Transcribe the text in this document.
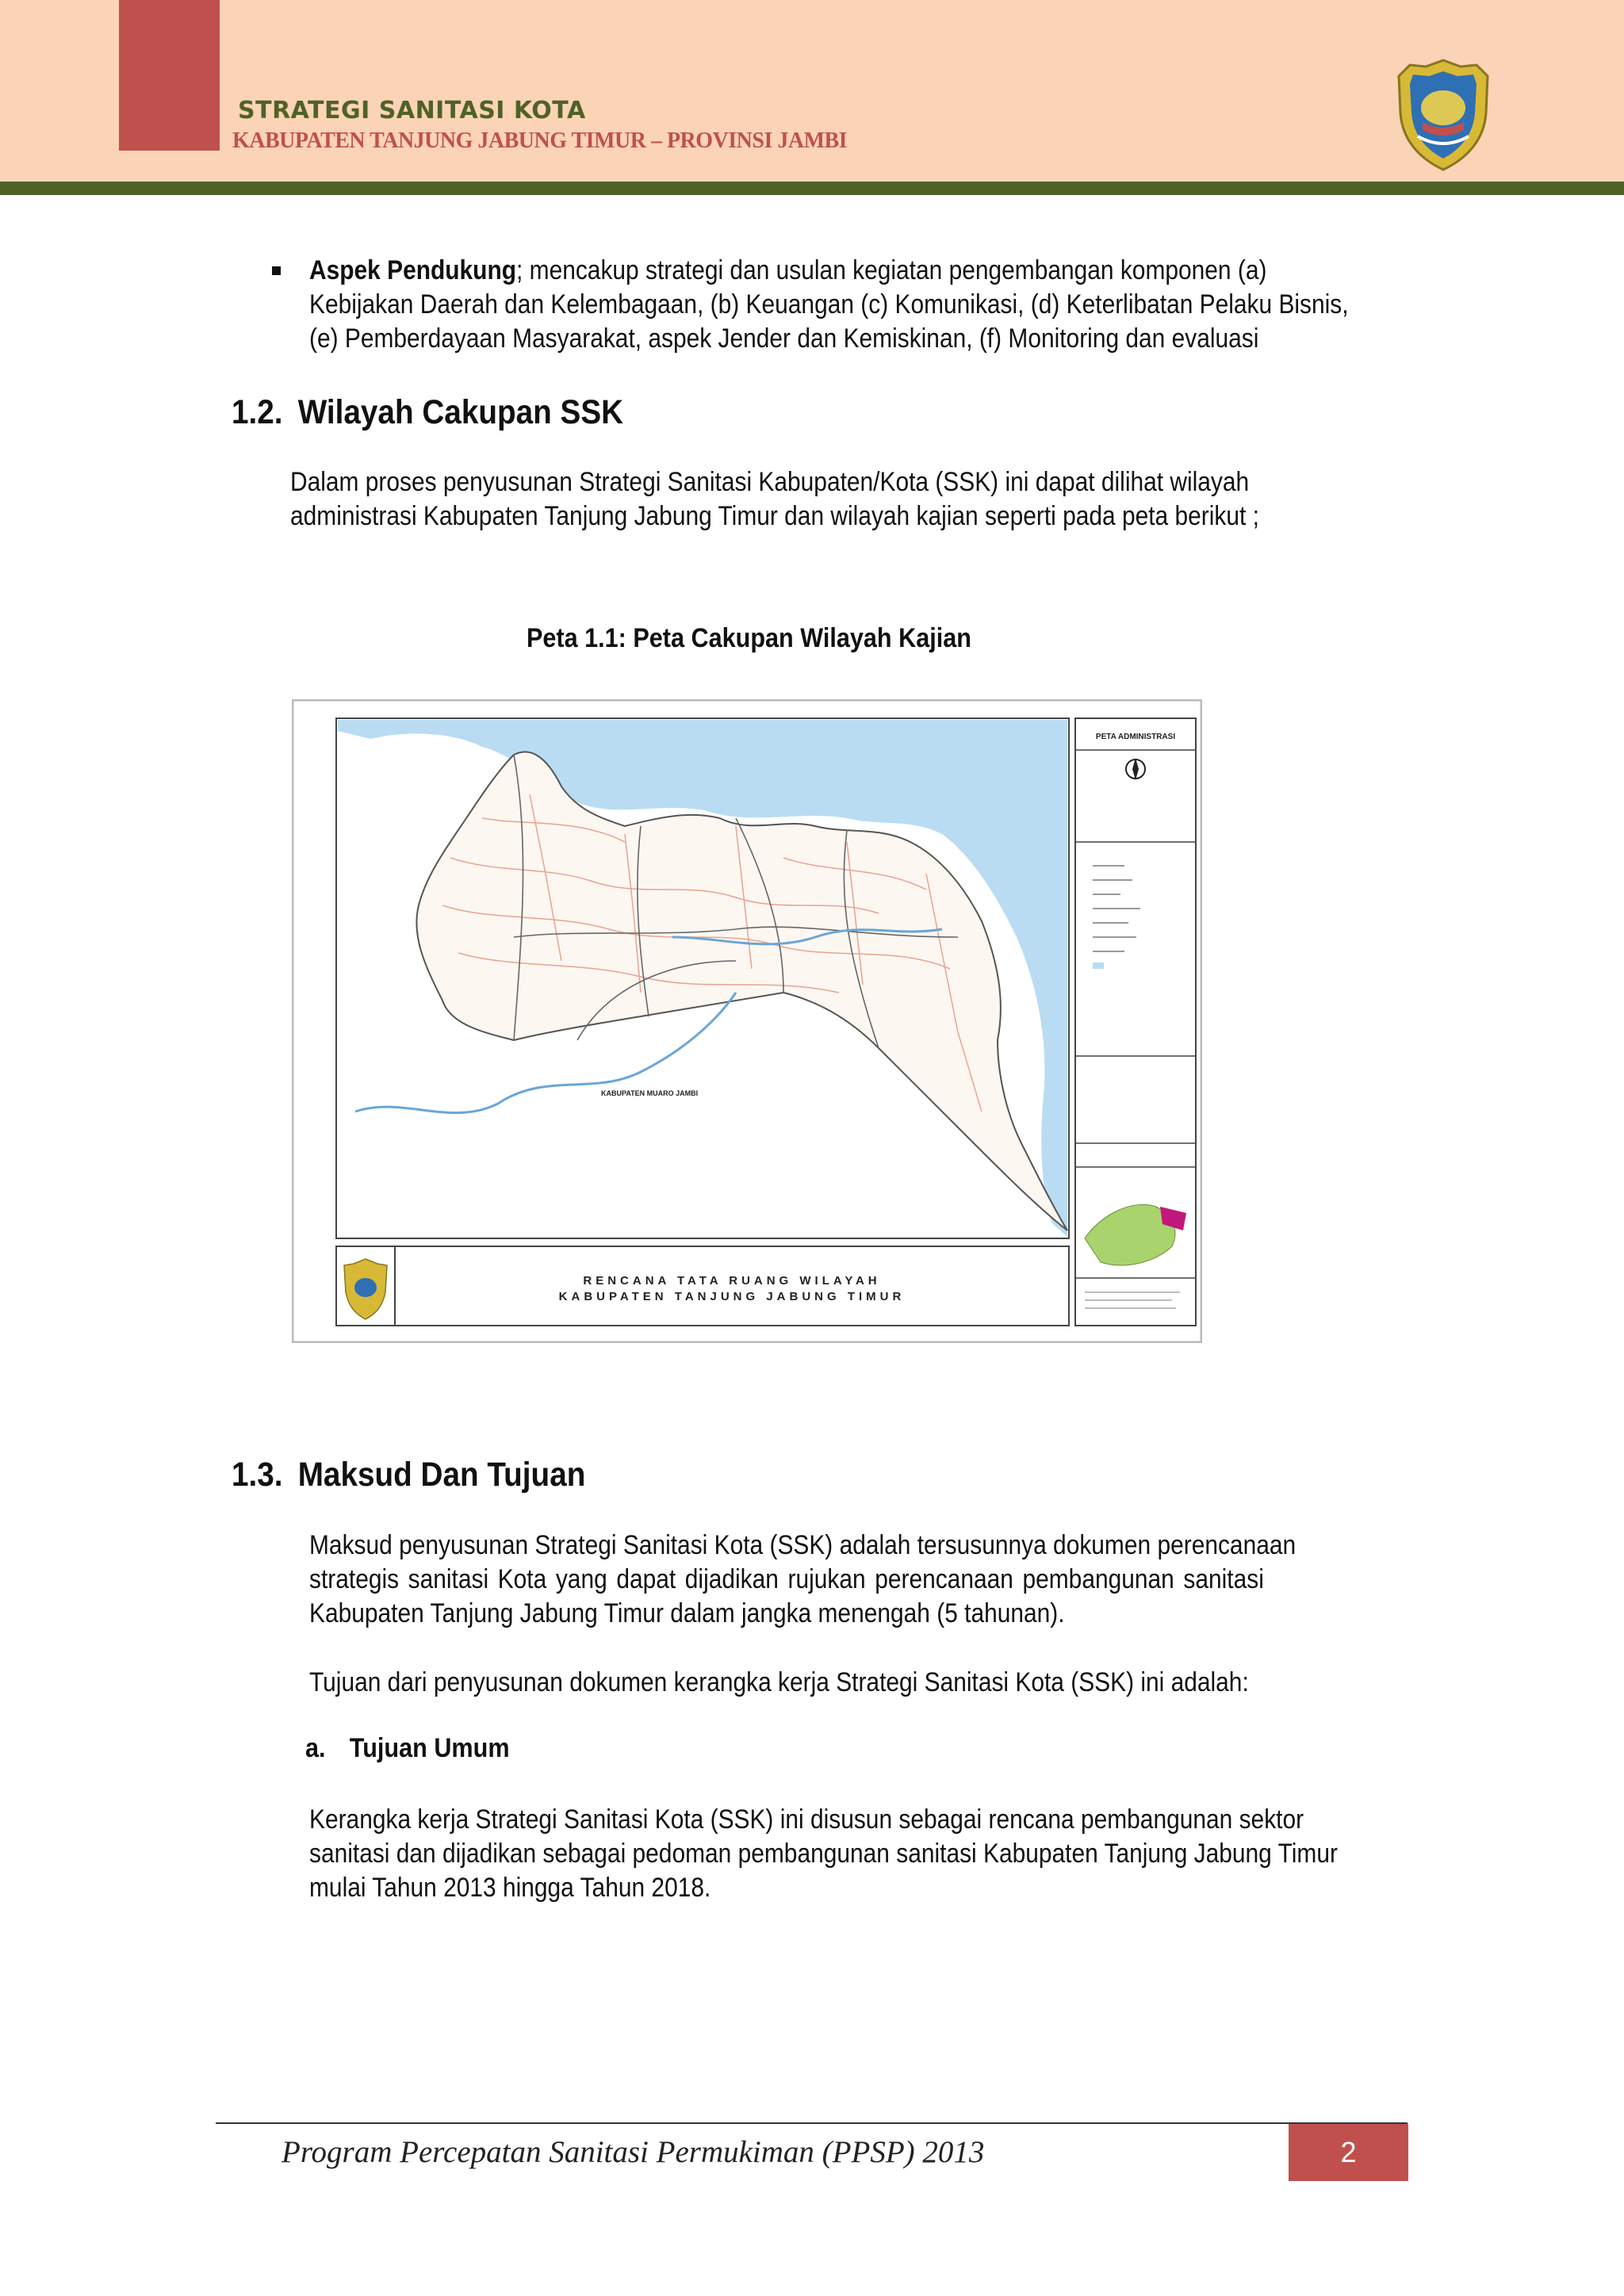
STRATEGI SANITASI KOTA
KABUPATEN TANJUNG JABUNG TIMUR – PROVINSI JAMBI
Aspek Pendukung; mencakup strategi dan usulan kegiatan pengembangan komponen (a)
Kebijakan Daerah dan Kelembagaan, (b) Keuangan (c) Komunikasi, (d) Keterlibatan Pelaku Bisnis,
(e) Pemberdayaan Masyarakat, aspek Jender dan Kemiskinan, (f) Monitoring dan evaluasi
1.2. Wilayah Cakupan SSK
Dalam proses penyusunan Strategi Sanitasi Kabupaten/Kota (SSK) ini dapat dilihat wilayah
administrasi Kabupaten Tanjung Jabung Timur dan wilayah kajian seperti pada peta berikut ;
Peta 1.1: Peta Cakupan Wilayah Kajian
KABUPATEN MUARO JAMBI
RENCANA TATA RUANG WILAYAH
KABUPATEN TANJUNG JABUNG TIMUR
PETA ADMINISTRASI
1.3. Maksud Dan Tujuan
Maksud penyusunan Strategi Sanitasi Kota (SSK) adalah tersusunnya dokumen perencanaan
strategis sanitasi Kota yang dapat dijadikan rujukan perencanaan pembangunan sanitasi
Kabupaten Tanjung Jabung Timur dalam jangka menengah (5 tahunan).
Tujuan dari penyusunan dokumen kerangka kerja Strategi Sanitasi Kota (SSK) ini adalah:
a. Tujuan Umum
Kerangka kerja Strategi Sanitasi Kota (SSK) ini disusun sebagai rencana pembangunan sektor
sanitasi dan dijadikan sebagai pedoman pembangunan sanitasi Kabupaten Tanjung Jabung Timur
mulai Tahun 2013 hingga Tahun 2018.
Program Percepatan Sanitasi Permukiman (PPSP) 2013	2
